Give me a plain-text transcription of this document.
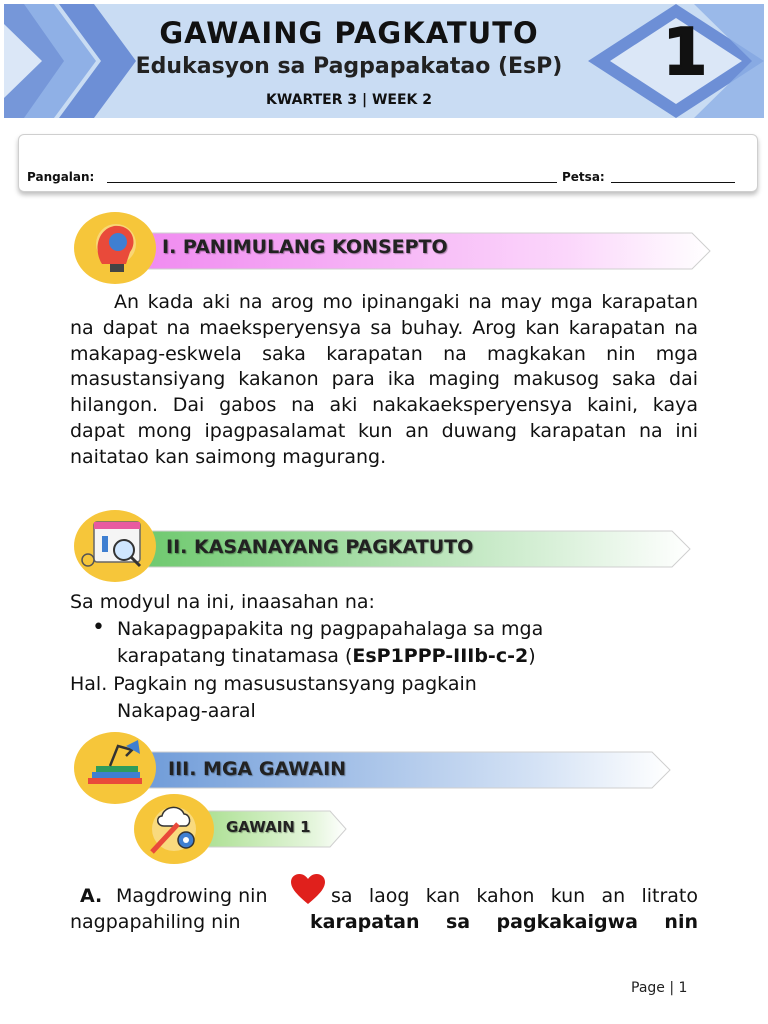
GAWAING PAGKATUTO
Edukasyon sa Pagpapakatao (EsP)
KWARTER 3 | WEEK 2
1
Pangalan:	Petsa:
I. PANIMULANG KONSEPTO
An kada aki na arog mo ipinangaki na may mga karapatan na dapat na maeksperyensya sa buhay. Arog kan karapatan na makapag-eskwela saka karapatan na magkakan nin mga masustansiyang kakanon para ika maging makusog saka dai hilangon. Dai gabos na aki nakakaeksperyensya kaini, kaya dapat mong ipagpasalamat kun an duwang karapatan na ini naitatao kan saimong magurang.
II. KASANAYANG PAGKATUTO
Sa modyul na ini, inaasahan na:
• Nakapagpapakita ng pagpapahalaga sa mga
karapatang tinatamasa (EsP1PPP-IIIb-c-2)
Hal. Pagkain ng masusustansyang pagkain
Nakapag-aaral
III. MGA GAWAIN
GAWAIN 1
A. Magdrowing nin	sa laog kan kahon kun an litrato
nagpapahiling nin	karapatan sa pagkakaigwa nin
Page | 1
